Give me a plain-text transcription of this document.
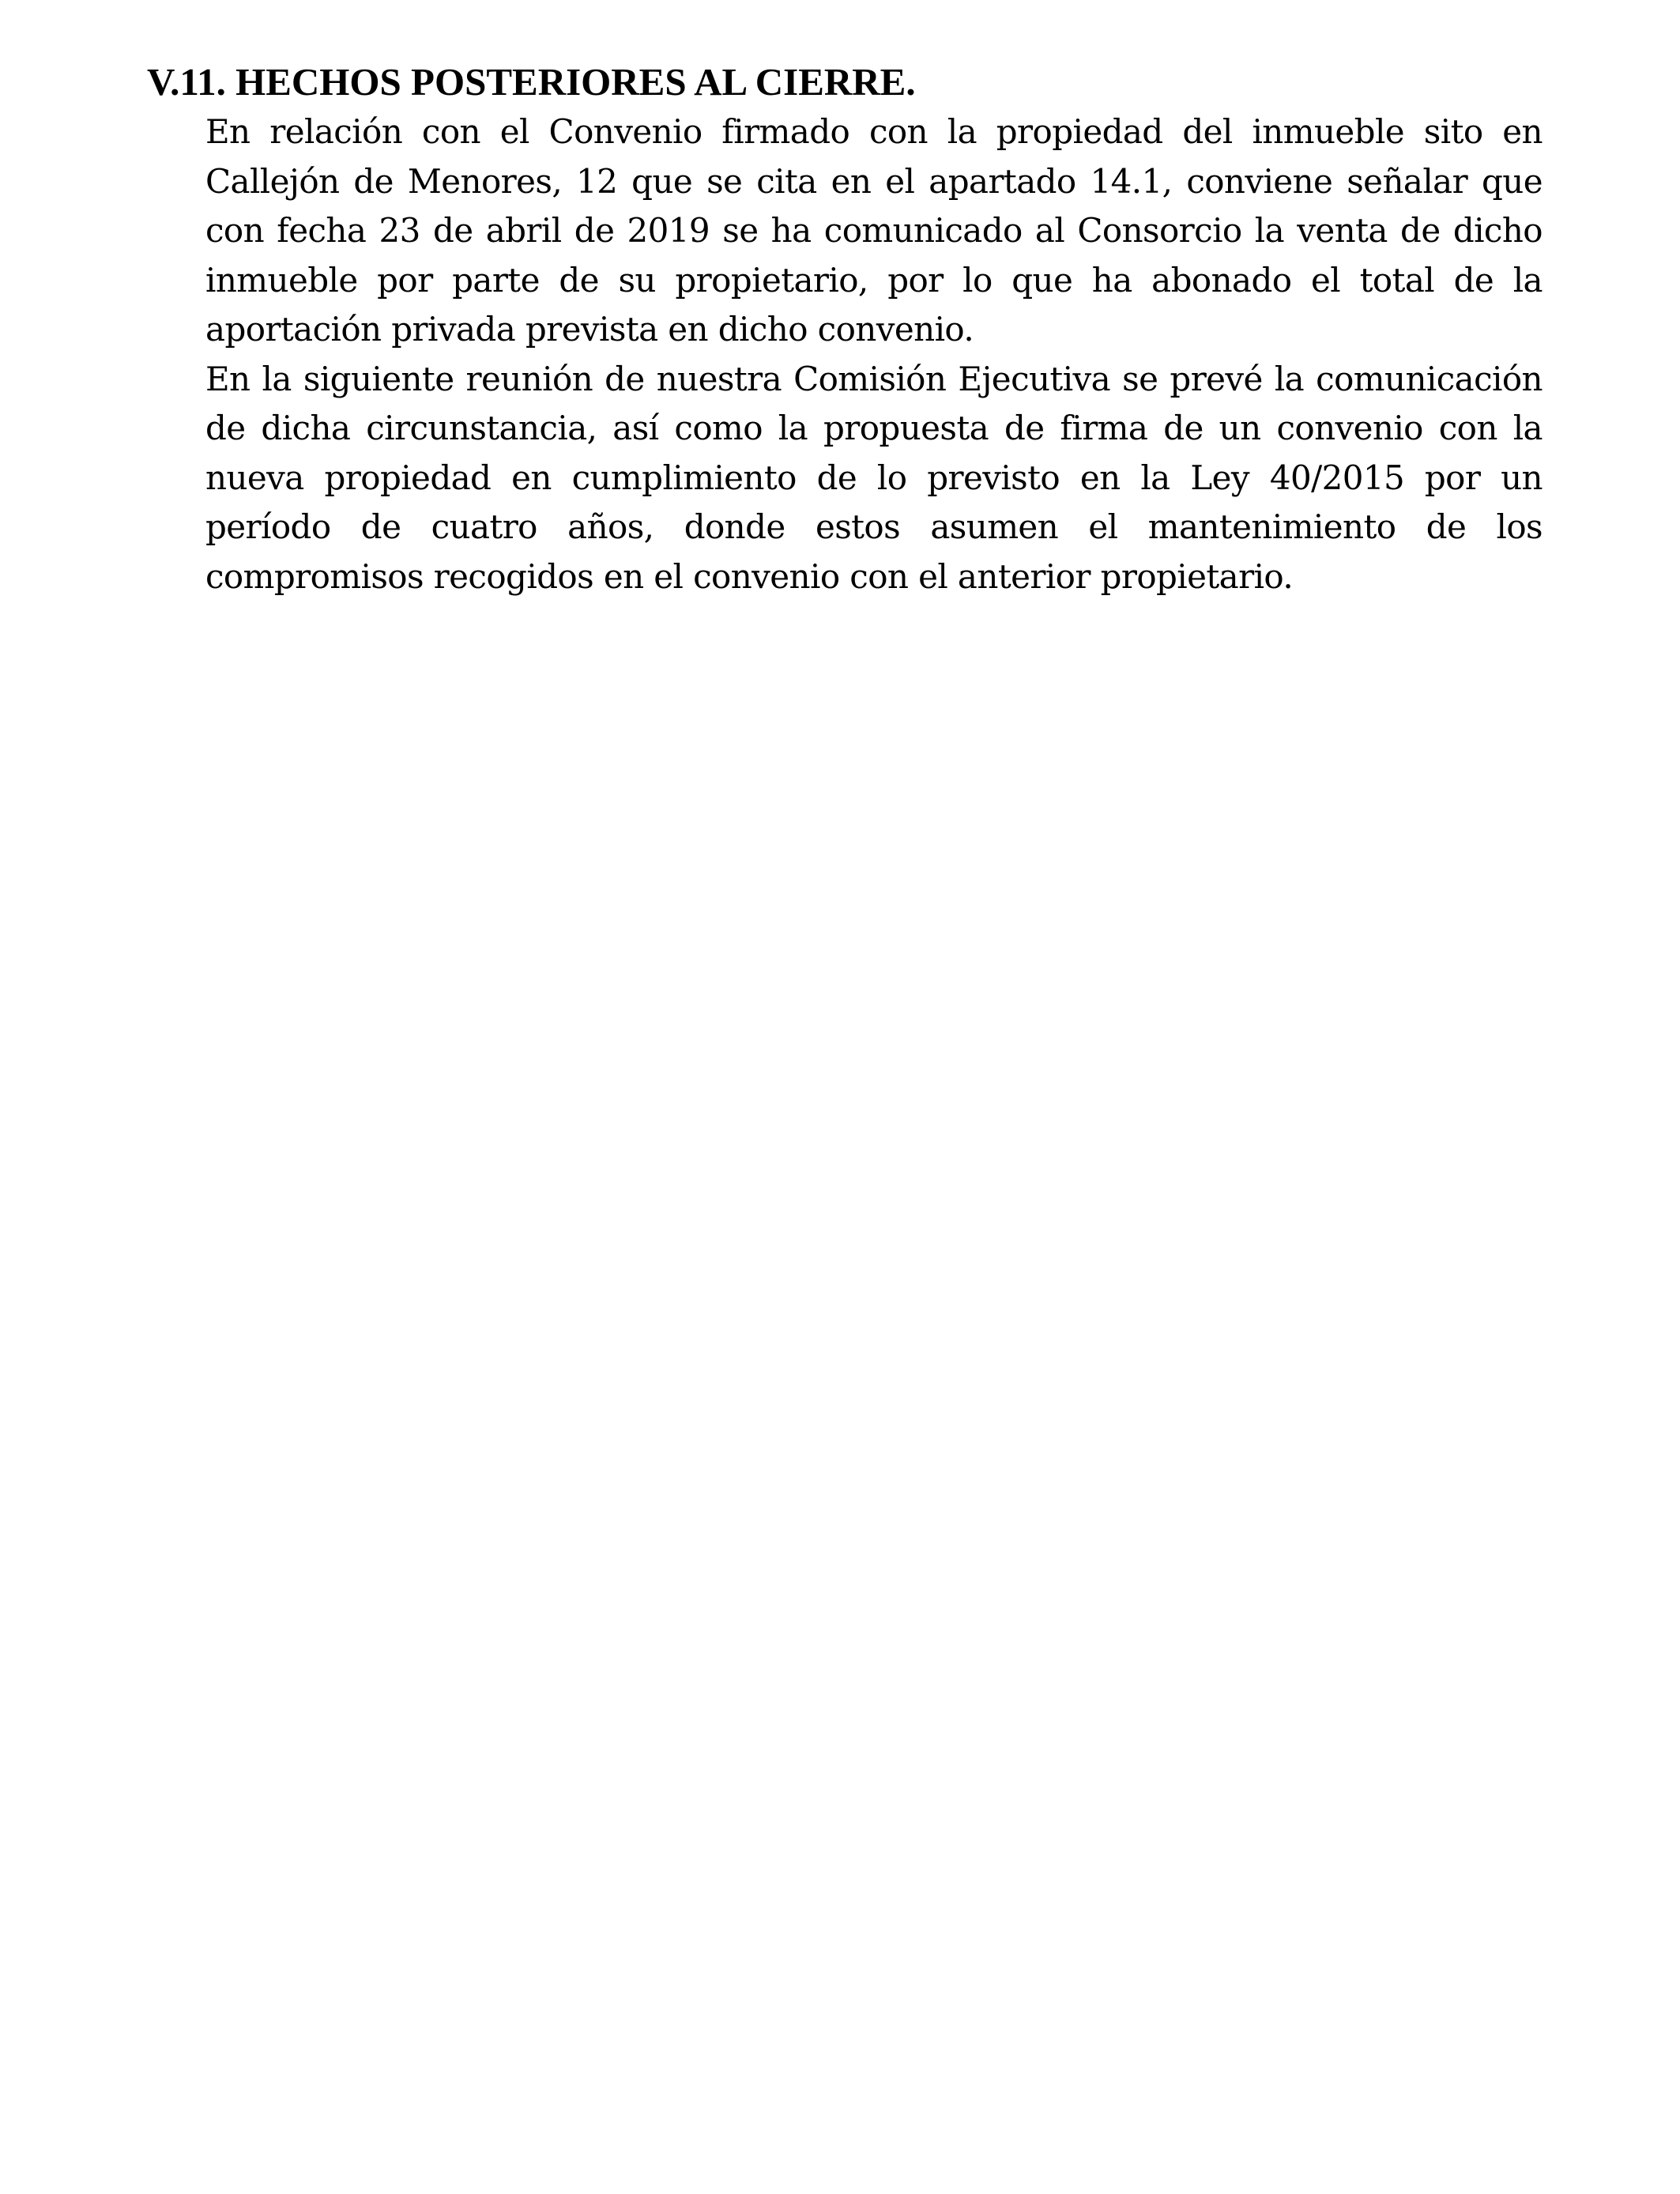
V.11. HECHOS POSTERIORES AL CIERRE.

En relación con el Convenio firmado con la propiedad del inmueble sito en Callejón de Menores, 12 que se cita en el apartado 14.1, conviene señalar que con fecha 23 de abril de 2019 se ha comunicado al Consorcio la venta de dicho inmueble por parte de su propietario, por lo que ha abonado el total de la aportación privada prevista en dicho convenio.

En la siguiente reunión de nuestra Comisión Ejecutiva se prevé la comunicación de dicha circunstancia, así como la propuesta de firma de un convenio con la nueva propiedad en cumplimiento de lo previsto en la Ley 40/2015 por un período de cuatro años, donde estos asumen el mantenimiento de los compromisos recogidos en el convenio con el anterior propietario.
